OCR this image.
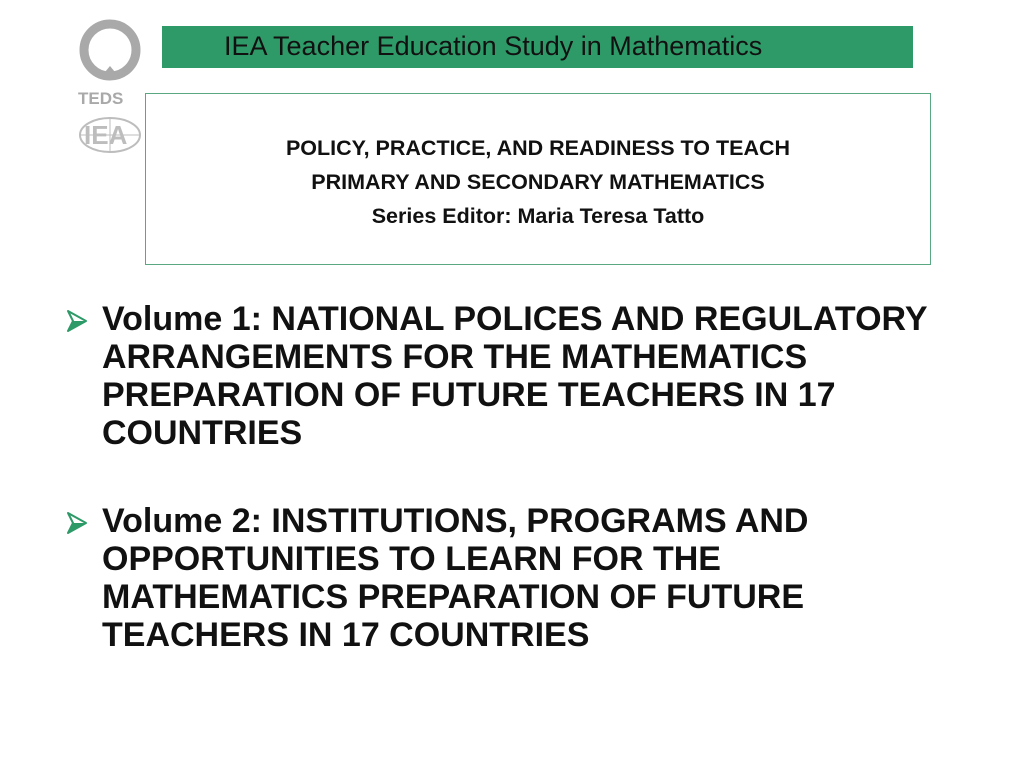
TEDS
IEA
IEA Teacher Education Study in Mathematics
POLICY, PRACTICE, AND READINESS TO TEACH
PRIMARY AND SECONDARY MATHEMATICS
Series Editor: Maria Teresa Tatto
Volume 1: NATIONAL POLICES AND REGULATORY ARRANGEMENTS FOR THE MATHEMATICS PREPARATION OF FUTURE TEACHERS IN 17 COUNTRIES
Volume 2: INSTITUTIONS, PROGRAMS AND OPPORTUNITIES TO LEARN FOR THE MATHEMATICS PREPARATION OF FUTURE TEACHERS IN 17 COUNTRIES
